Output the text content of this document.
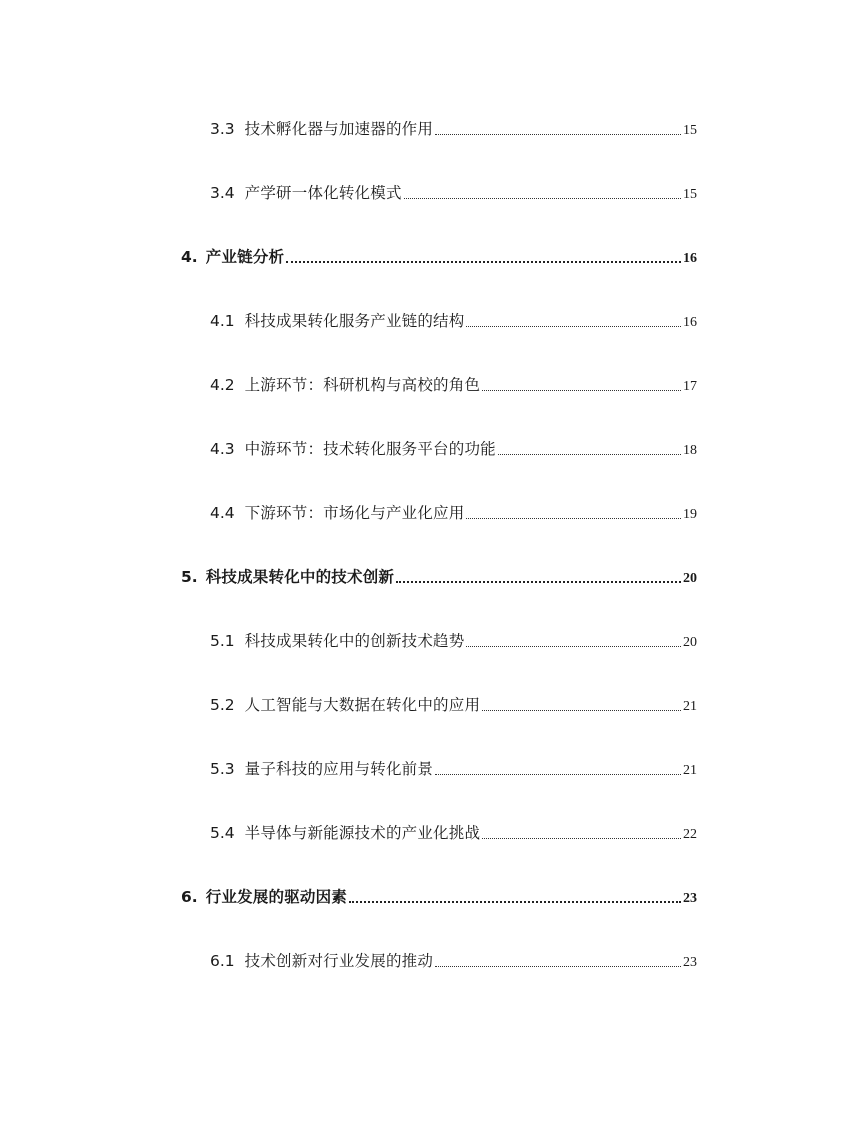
3.3 技术孵化器与加速器的作用	15
3.4 产学研一体化转化模式	15
4. 产业链分析	16
4.1 科技成果转化服务产业链的结构	16
4.2 上游环节：科研机构与高校的角色	17
4.3 中游环节：技术转化服务平台的功能	18
4.4 下游环节：市场化与产业化应用	19
5. 科技成果转化中的技术创新	20
5.1 科技成果转化中的创新技术趋势	20
5.2 人工智能与大数据在转化中的应用	21
5.3 量子科技的应用与转化前景	21
5.4 半导体与新能源技术的产业化挑战	22
6. 行业发展的驱动因素	23
6.1 技术创新对行业发展的推动	23
